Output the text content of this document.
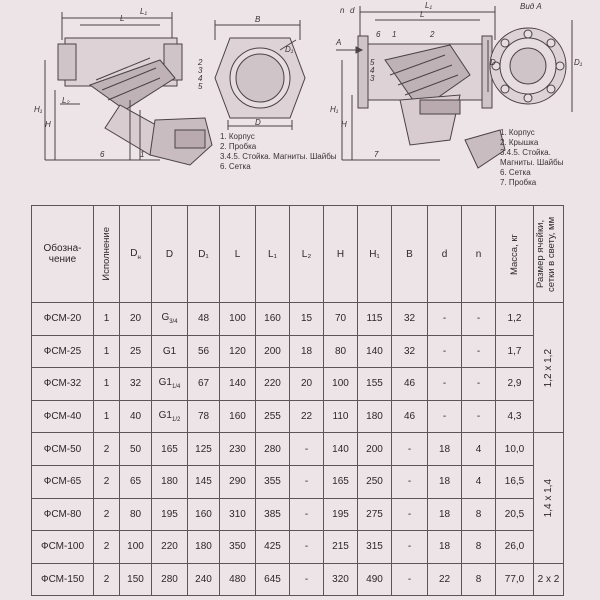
L₁
L
H₁
H
L₂
B
D₁
D
2
3
4
5
6	1
1. Корпус
2. Пробка
3.4.5. Стойка. Магниты. Шайбы
6. Сетка
Вид А
А
L₁
L
H₁
H
n d
D	D₁
6 1	2
5
4
3
7
1. Корпус
2. Крышка
3.4.5. Стойка.
Магниты. Шайбы
6. Сетка
7. Пробка
Обозна-
чение	Исполнение	$D_н$	D	D₁	L	L₁	L₂	H	H₁	B	d	n	Масса, кг	Размер ячейки, сетки в свету, мм

ФСМ-20	1	20	$G_{3/4}$	48	100	160	15	70	115	32	-	-	1,2	1,2 x 1,2

ФСМ-25	1	25	G1	56	120	200	18	80	140	32	-	-	1,7	
ФСМ-32	1	32	$G1_{1/4}$	67	140	220	20	100	155	46	-	-	2,9	
ФСМ-40	1	40	$G1_{1/2}$	78	160	255	22	110	180	46	-	-	4,3	
ФСМ-50	2	50	165	125	230	280	-	140	200	-	18	4	10,0	1,4 x 1,4

ФСМ-65	2	65	180	145	290	355	-	165	250	-	18	4	16,5	
ФСМ-80	2	80	195	160	310	385	-	195	275	-	18	8	20,5	
ФСМ-100	2	100	220	180	350	425	-	215	315	-	18	8	26,0	
ФСМ-150	2	150	280	240	480	645	-	320	490	-	22	8	77,0	2 x 2
